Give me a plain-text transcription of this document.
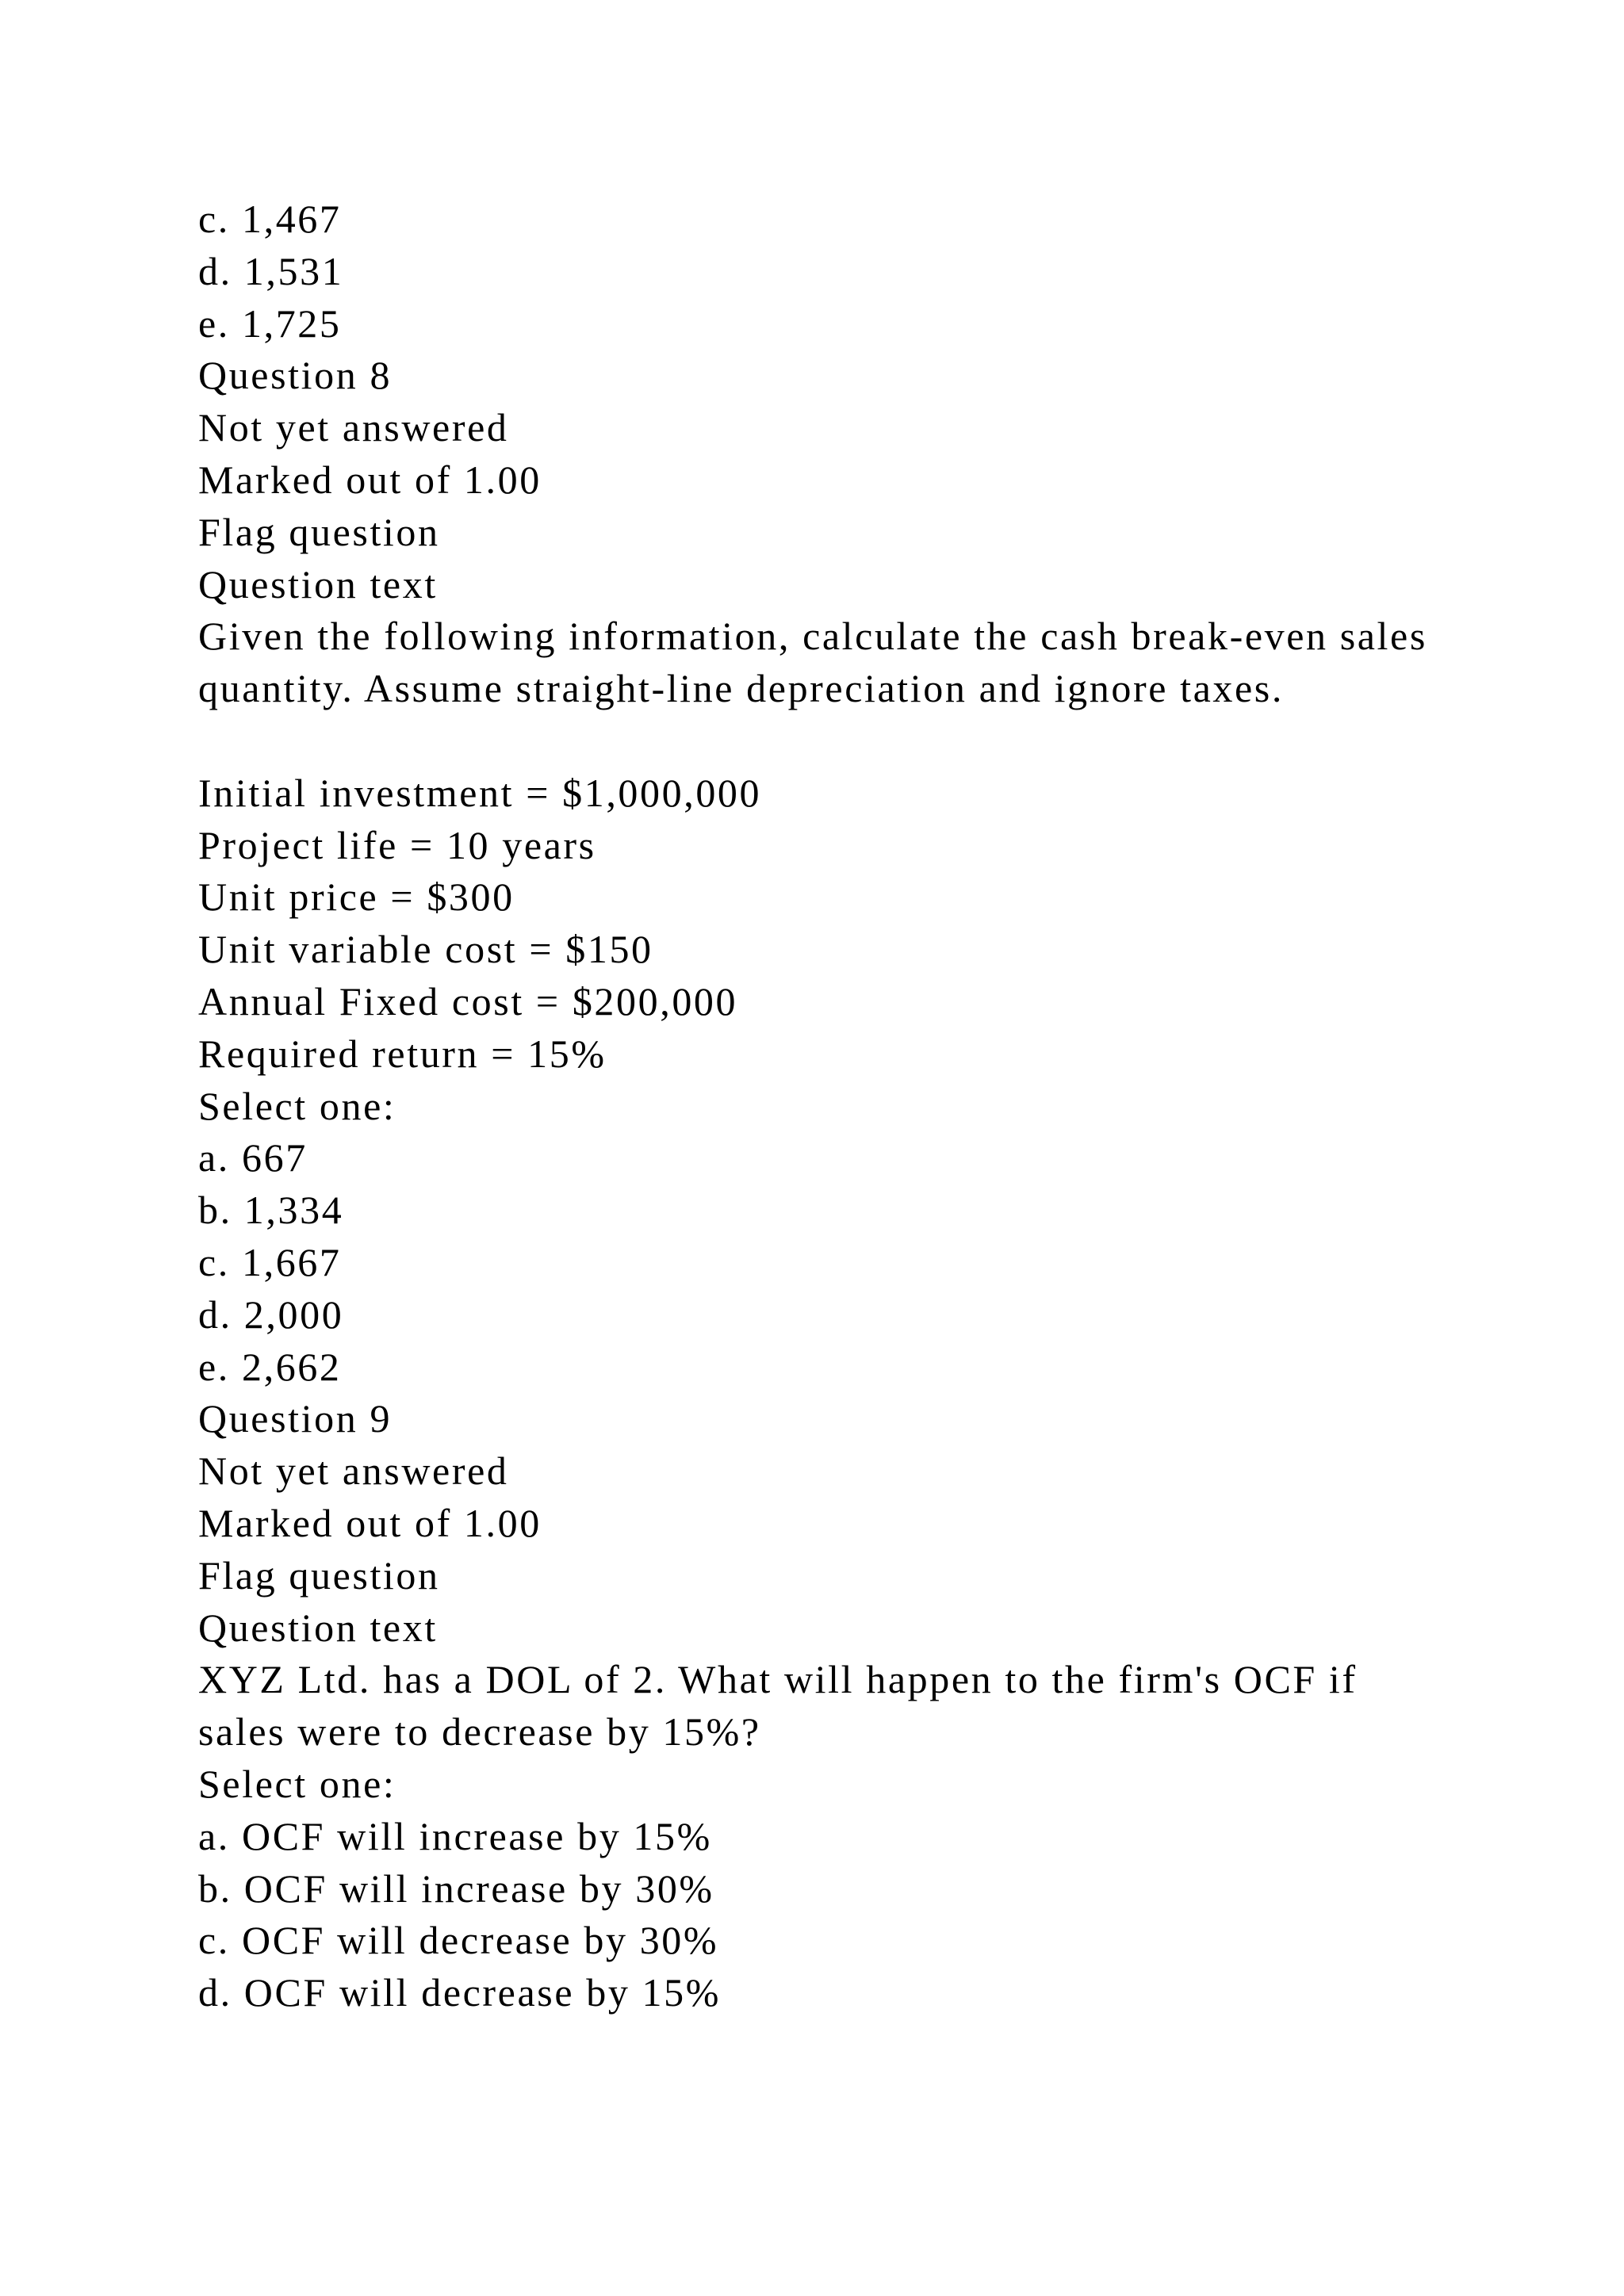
c. 1,467
d. 1,531
e. 1,725
Question 8
Not yet answered
Marked out of 1.00
Flag question
Question text
Given the following information, calculate the cash break-even sales quantity. Assume straight-line depreciation and ignore taxes.
Initial investment = $1,000,000
Project life = 10 years
Unit price = $300
Unit variable cost = $150
Annual Fixed cost = $200,000
Required return = 15%
Select one:
a. 667
b. 1,334
c. 1,667
d. 2,000
e. 2,662
Question 9
Not yet answered
Marked out of 1.00
Flag question
Question text
XYZ Ltd. has a DOL of 2. What will happen to the firm's OCF if sales were to decrease by 15%?
Select one:
a. OCF will increase by 15%
b. OCF will increase by 30%
c. OCF will decrease by 30%
d. OCF will decrease by 15%
